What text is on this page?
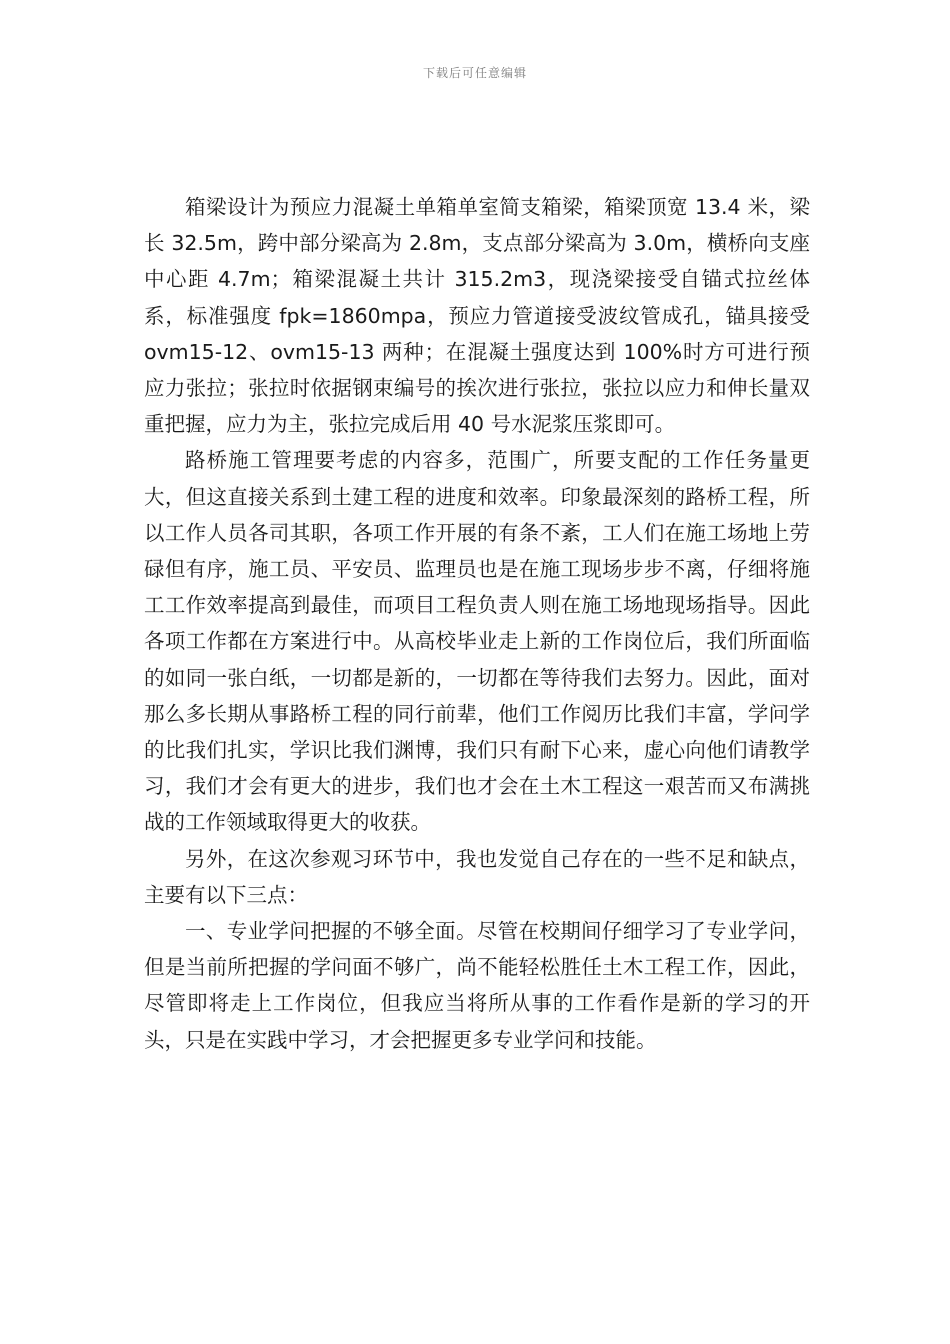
下载后可任意编辑

箱梁设计为预应力混凝土单箱单室简支箱梁，箱梁顶宽 13.4 米，梁长 32.5m，跨中部分梁高为 2.8m，支点部分梁高为 3.0m，横桥向支座中心距 4.7m；箱梁混凝土共计 315.2m3，现浇梁接受自锚式拉丝体系，标准强度 fpk=1860mpa，预应力管道接受波纹管成孔，锚具接受 ovm15-12、ovm15-13 两种；在混凝土强度达到 100%时方可进行预应力张拉；张拉时依据钢束编号的挨次进行张拉，张拉以应力和伸长量双重把握，应力为主，张拉完成后用 40 号水泥浆压浆即可。

路桥施工管理要考虑的内容多，范围广，所要支配的工作任务量更大，但这直接关系到土建工程的进度和效率。印象最深刻的路桥工程，所以工作人员各司其职，各项工作开展的有条不紊，工人们在施工场地上劳碌但有序，施工员、平安员、监理员也是在施工现场步步不离，仔细将施工工作效率提高到最佳，而项目工程负责人则在施工场地现场指导。因此各项工作都在方案进行中。从高校毕业走上新的工作岗位后，我们所面临的如同一张白纸，一切都是新的，一切都在等待我们去努力。因此，面对那么多长期从事路桥工程的同行前辈，他们工作阅历比我们丰富，学问学的比我们扎实，学识比我们渊博，我们只有耐下心来，虚心向他们请教学习，我们才会有更大的进步，我们也才会在土木工程这一艰苦而又布满挑战的工作领域取得更大的收获。

另外，在这次参观习环节中，我也发觉自己存在的一些不足和缺点，主要有以下三点：

一、专业学问把握的不够全面。尽管在校期间仔细学习了专业学问，但是当前所把握的学问面不够广，尚不能轻松胜任土木工程工作，因此，尽管即将走上工作岗位，但我应当将所从事的工作看作是新的学习的开头，只是在实践中学习，才会把握更多专业学问和技能。
